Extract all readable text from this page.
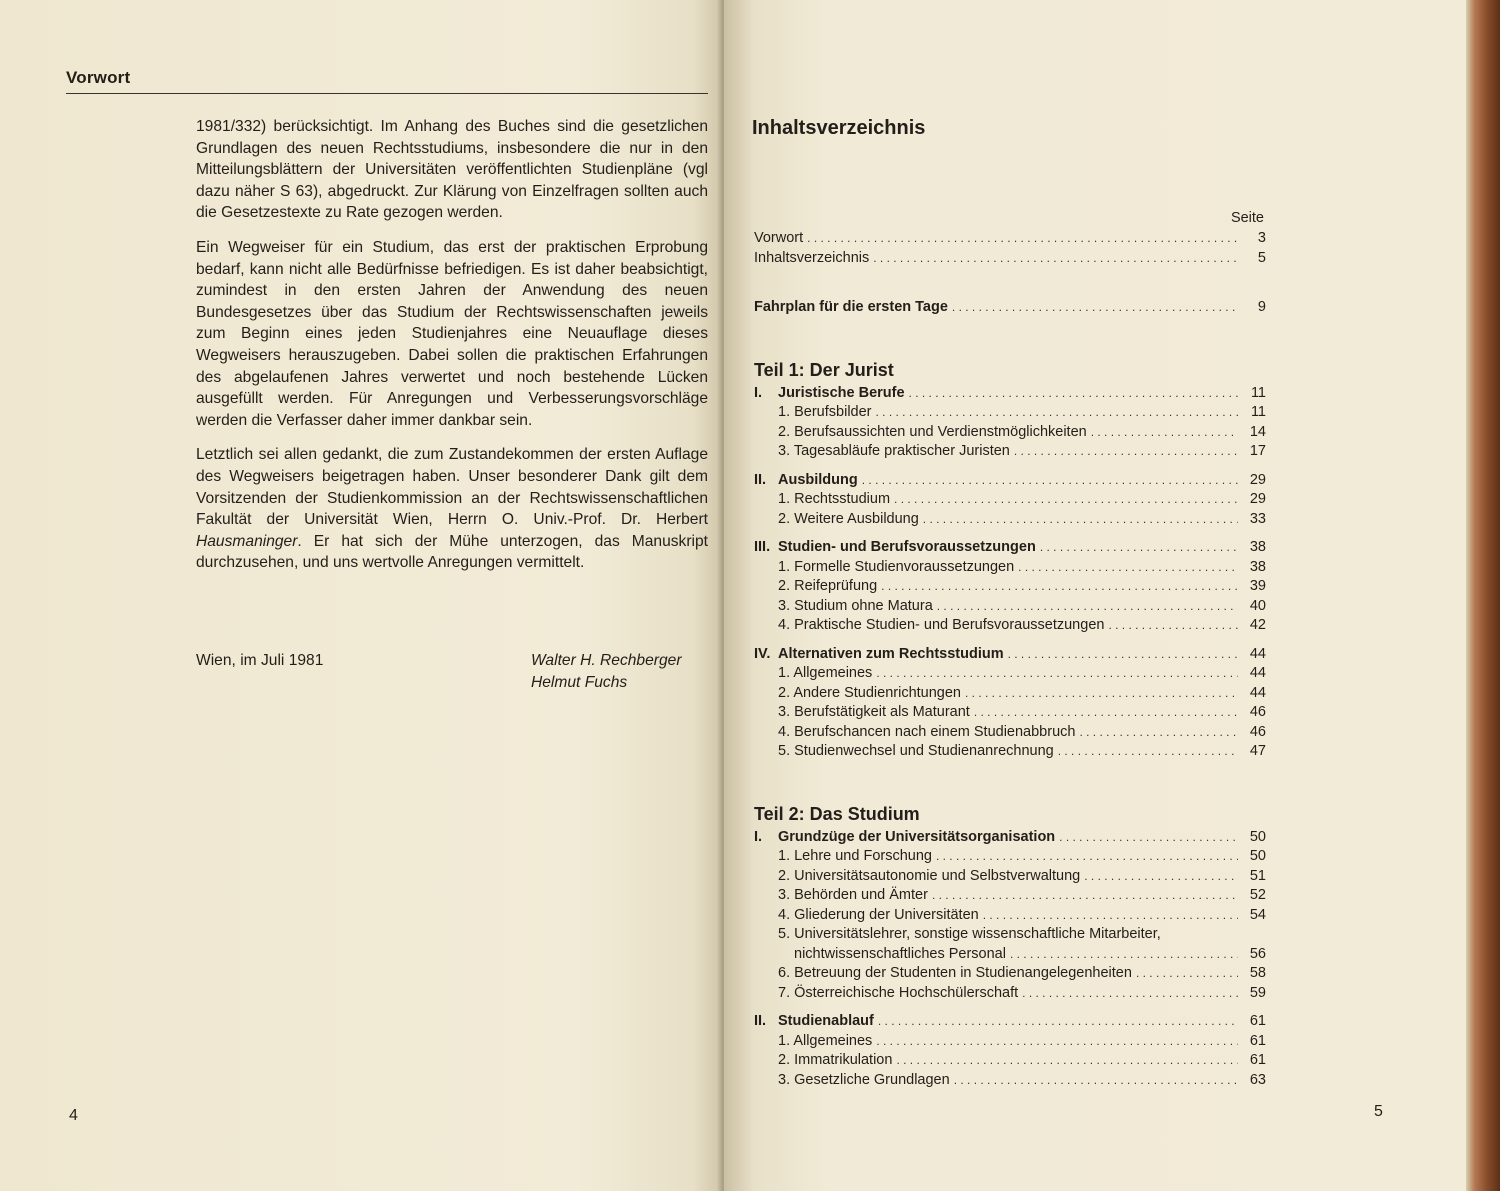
Vorwort

1981/332) berücksichtigt. Im Anhang des Buches sind die gesetzlichen Grundlagen des neuen Rechtsstudiums, insbesondere die nur in den Mitteilungsblättern der Universitäten veröffentlichten Studienpläne (vgl dazu näher S 63), abgedruckt. Zur Klärung von Einzelfragen sollten auch die Gesetzestexte zu Rate gezogen werden.

Ein Wegweiser für ein Studium, das erst der praktischen Erprobung bedarf, kann nicht alle Bedürfnisse befriedigen. Es ist daher beabsichtigt, zumindest in den ersten Jahren der Anwendung des neuen Bundesgesetzes über das Studium der Rechtswissenschaften jeweils zum Beginn eines jeden Studienjahres eine Neuauflage dieses Wegweisers herauszugeben. Dabei sollen die praktischen Erfahrungen des abgelaufenen Jahres verwertet und noch bestehende Lücken ausgefüllt werden. Für Anregungen und Verbesserungsvorschläge werden die Verfasser daher immer dankbar sein.

Letztlich sei allen gedankt, die zum Zustandekommen der ersten Auflage des Wegweisers beigetragen haben. Unser besonderer Dank gilt dem Vorsitzenden der Studienkommission an der Rechtswissenschaftlichen Fakultät der Universität Wien, Herrn O. Univ.-Prof. Dr. Herbert Hausmaninger. Er hat sich der Mühe unterzogen, das Manuskript durchzusehen, und uns wertvolle Anregungen vermittelt.

Wien, im Juli 1981	Walter H. Rechberger
Helmut Fuchs
4
Inhaltsverzeichnis
Seite
Vorwort . . .	3
Inhaltsverzeichnis . . .	5
Fahrplan für die ersten Tage . . .	9
Teil 1: Der Jurist
I.	Juristische Berufe . . .	11
1. Berufsbilder . . .	11
2. Berufsaussichten und Verdienstmöglichkeiten . . .	14
3. Tagesabläufe praktischer Juristen . . .	17
II. Ausbildung . . .	29
1. Rechtsstudium . . .	29
2. Weitere Ausbildung . . .	33
III. Studien- und Berufsvoraussetzungen . . .	38
1. Formelle Studienvoraussetzungen . . .	38
2. Reifeprüfung . . .	39
3. Studium ohne Matura . . .	40
4. Praktische Studien- und Berufsvoraussetzungen . . .	42
IV. Alternativen zum Rechtsstudium . . .	44
1. Allgemeines . . .	44
2. Andere Studienrichtungen . . .	44
3. Berufstätigkeit als Maturant . . .	46
4. Berufschancen nach einem Studienabbruch . . .	46
5. Studienwechsel und Studienanrechnung . . .	47
Teil 2: Das Studium
I.	Grundzüge der Universitätsorganisation . . .	50
1. Lehre und Forschung . . .	50
2. Universitätsautonomie und Selbstverwaltung . . .	51
3. Behörden und Ämter . . .	52
4. Gliederung der Universitäten . . .	54
5. Universitätslehrer, sonstige wissenschaftliche Mitarbeiter,
nichtwissenschaftliches Personal . . .	56
6. Betreuung der Studenten in Studienangelegenheiten . . .	58
7. Österreichische Hochschülerschaft . . .	59
II. Studienablauf . . .	61
1. Allgemeines . . .	61
2. Immatrikulation . . .	61
3. Gesetzliche Grundlagen . . .	63
5
